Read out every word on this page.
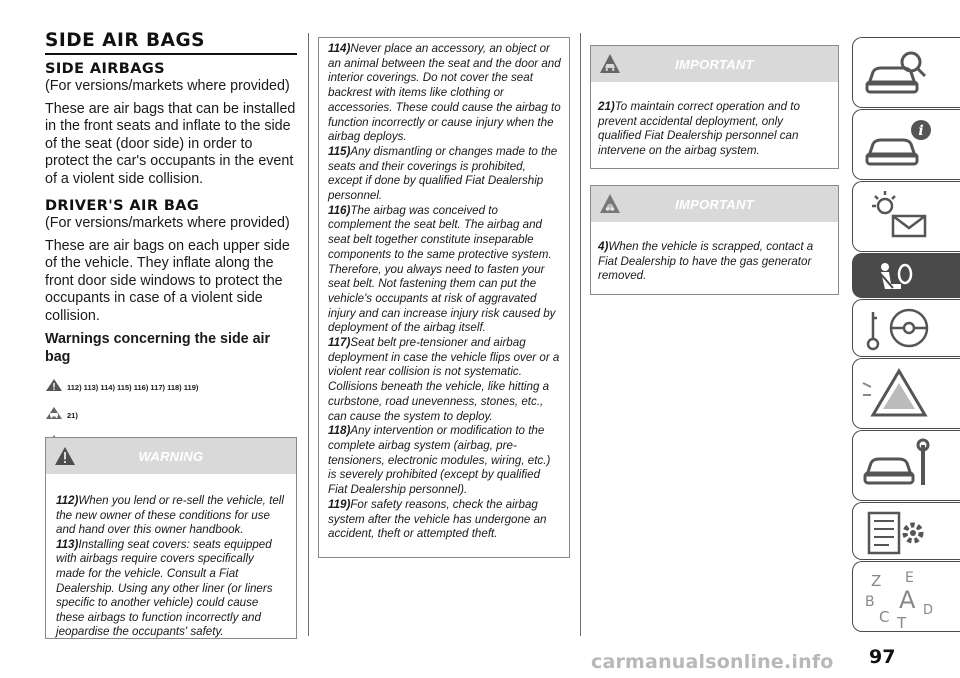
SIDE AIR BAGS
SIDE AIRBAGS
(For versions/markets where provided)
These are air bags that can be installed in the front seats and inflate to the side of the seat (door side) in order to protect the car's occupants in the event of a violent side collision.
DRIVER'S AIR BAG
(For versions/markets where provided)
These are air bags on each upper side of the vehicle. They inflate along the front door side windows to protect the occupants in case of a violent side collision.
Warnings concerning the side air bag
112) 113) 114) 115) 116) 117) 118) 119)
21)
WARNING
112)When you lend or re-sell the vehicle, tell the new owner of these conditions for use and hand over this owner handbook.
113)Installing seat covers: seats equipped with airbags require covers specifically made for the vehicle. Consult a Fiat Dealership. Using any other liner (or liners specific to another vehicle) could cause these airbags to function incorrectly and jeopardise the occupants' safety.
114)Never place an accessory, an object or an animal between the seat and the door and interior coverings. Do not cover the seat backrest with items like clothing or accessories. These could cause the airbag to function incorrectly or cause injury when the airbag deploys.
115)Any dismantling or changes made to the seats and their coverings is prohibited, except if done by qualified Fiat Dealership personnel.
116)The airbag was conceived to complement the seat belt. The airbag and seat belt together constitute inseparable components to the same protective system. Therefore, you always need to fasten your seat belt. Not fastening them can put the vehicle's occupants at risk of aggravated injury and can increase injury risk caused by deployment of the airbag itself.
117)Seat belt pre-tensioner and airbag deployment in case the vehicle flips over or a violent rear collision is not systematic. Collisions beneath the vehicle, like hitting a curbstone, road unevenness, stones, etc., can cause the system to deploy.
118)Any intervention or modification to the complete airbag system (airbag, pre-tensioners, electronic modules, wiring, etc.) is severely prohibited (except by qualified Fiat Dealership personnel).
119)For safety reasons, check the airbag system after the vehicle has undergone an accident, theft or attempted theft.
IMPORTANT
21)To maintain correct operation and to prevent accidental deployment, only qualified Fiat Dealership personnel can intervene on the airbag system.
IMPORTANT
4)When the vehicle is scrapped, contact a Fiat Dealership to have the gas generator removed.
i
Z E
B A D
C T
97
carmanualsonline.info
